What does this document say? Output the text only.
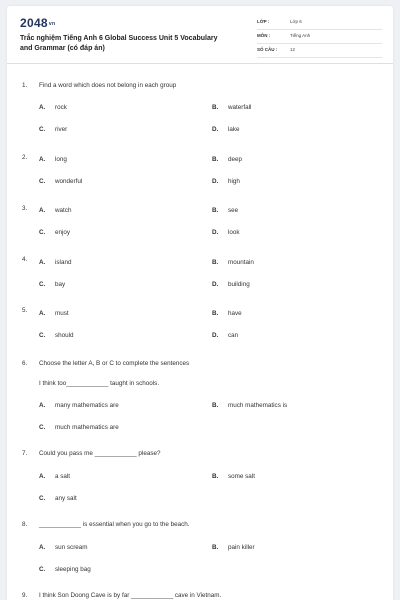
2048vn
Trắc nghiệm Tiếng Anh 6 Global Success Unit 5 Vocabulary and Grammar (có đáp án)
LỚP :	Lớp 6
MÔN :	Tiếng Anh
SỐ CÂU :	12
1. Find a word which does not belong in each group
A. rock	B. waterfall
C. river	D. lake
2. A. long	B. deep
C. wonderful	D. high
3. A. watch	B. see
C. enjoy	D. look
4. A. island	B. mountain
C. bay	D. building
5. A. must	B. have
C. should	D. can
6. Choose the letter A, B or C to complete the sentences
I think too____________ taught in schools.
A. many mathematics are	B. much mathematics is
C. much mathematics are
7. Could you pass me ____________ please?
A. a salt	B. some salt
C. any salt
8. ____________ is essential when you go to the beach.
A. sun scream	B. pain killer
C. sleeping bag
9. I think Son Doong Cave is by far ____________ cave in Vietnam.
